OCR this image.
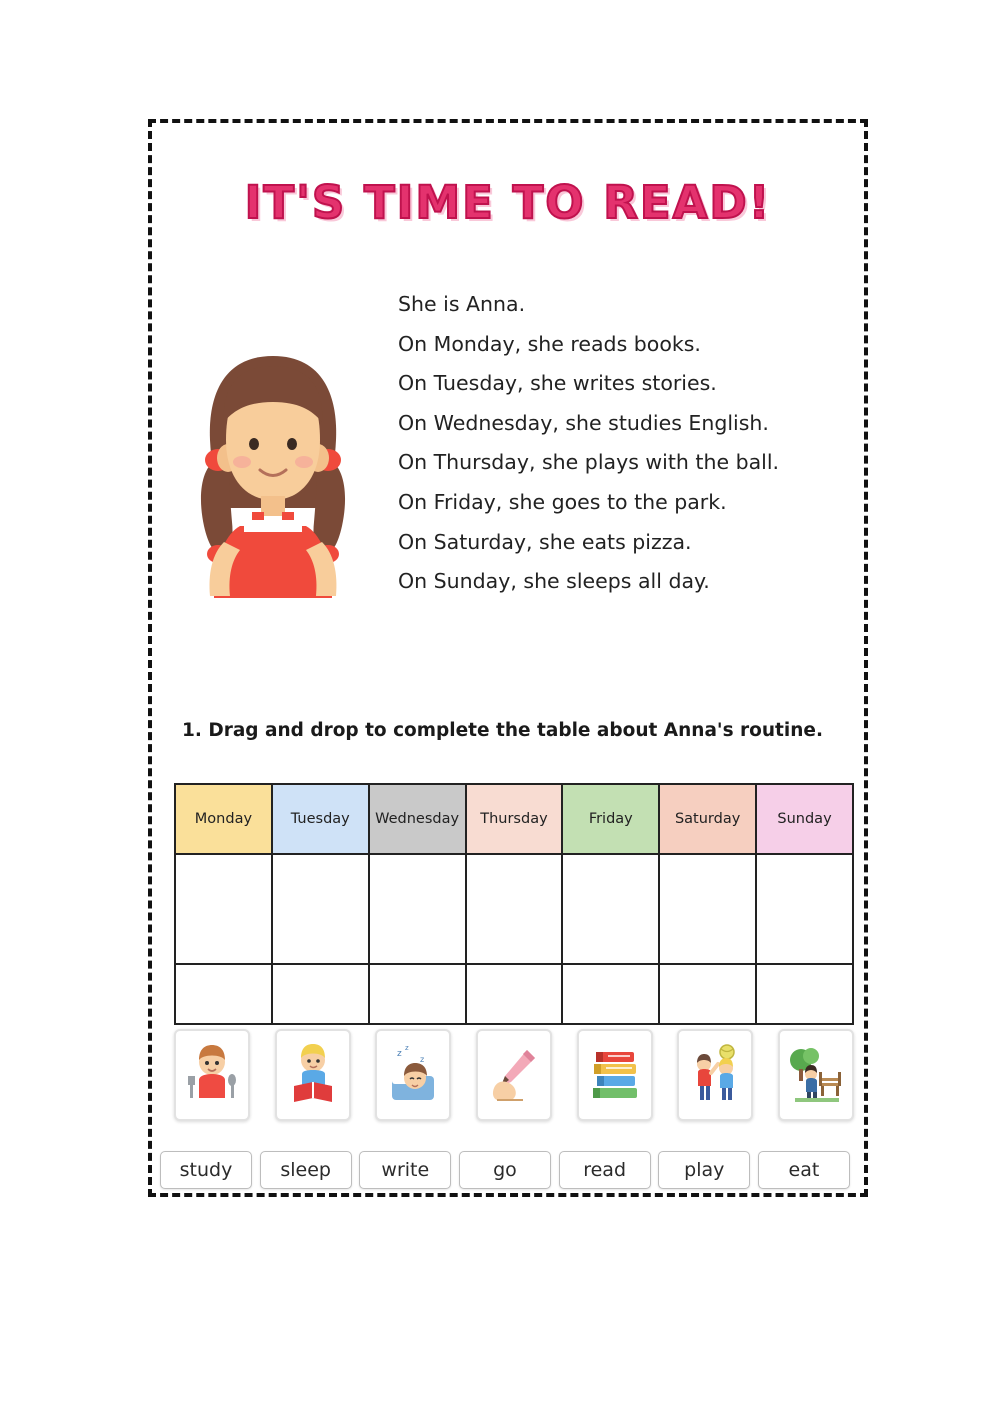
IT'S TIME TO READ!

She is Anna.

On Monday, she reads books.

On Tuesday, she writes stories.

On Wednesday, she studies English.

On Thursday, she plays with the ball.

On Friday, she goes to the park.

On Saturday, she eats pizza.

On Sunday, she sleeps all day.

1. Drag and drop to complete the table about Anna's routine.
Monday	Tuesday	Wednesday	Thursday	Friday	Saturday	Sunday

z
z
z
study	sleep	write	go	read	play	eat
